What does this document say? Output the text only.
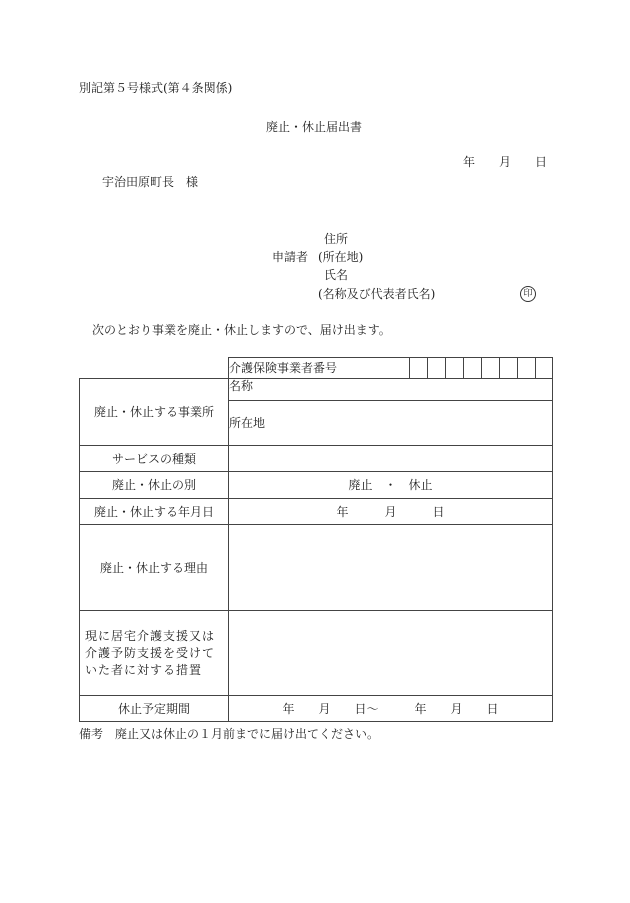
別記第５号様式(第４条関係)
廃止・休止届出書
年　　月　　日
宇治田原町長　様
住所
申請者 (所在地)
氏名
(名称及び代表者氏名)	印
次のとおり事業を廃止・休止しますので、届け出ます。
	介護保険事業者番号								
廃止・休止する事業所	名称								
	所在地								
サービスの種類									
廃止・休止の別	廃止　・　休止								
廃止・休止する年月日	年　　　月　　　日								
廃止・休止する理由									

現に居宅介護支援又は介護予防支援を受けていた者に対する措置									

休止予定期間	年　　月　　日～　　　年　　月　　日								
備考　廃止又は休止の１月前までに届け出てください。
